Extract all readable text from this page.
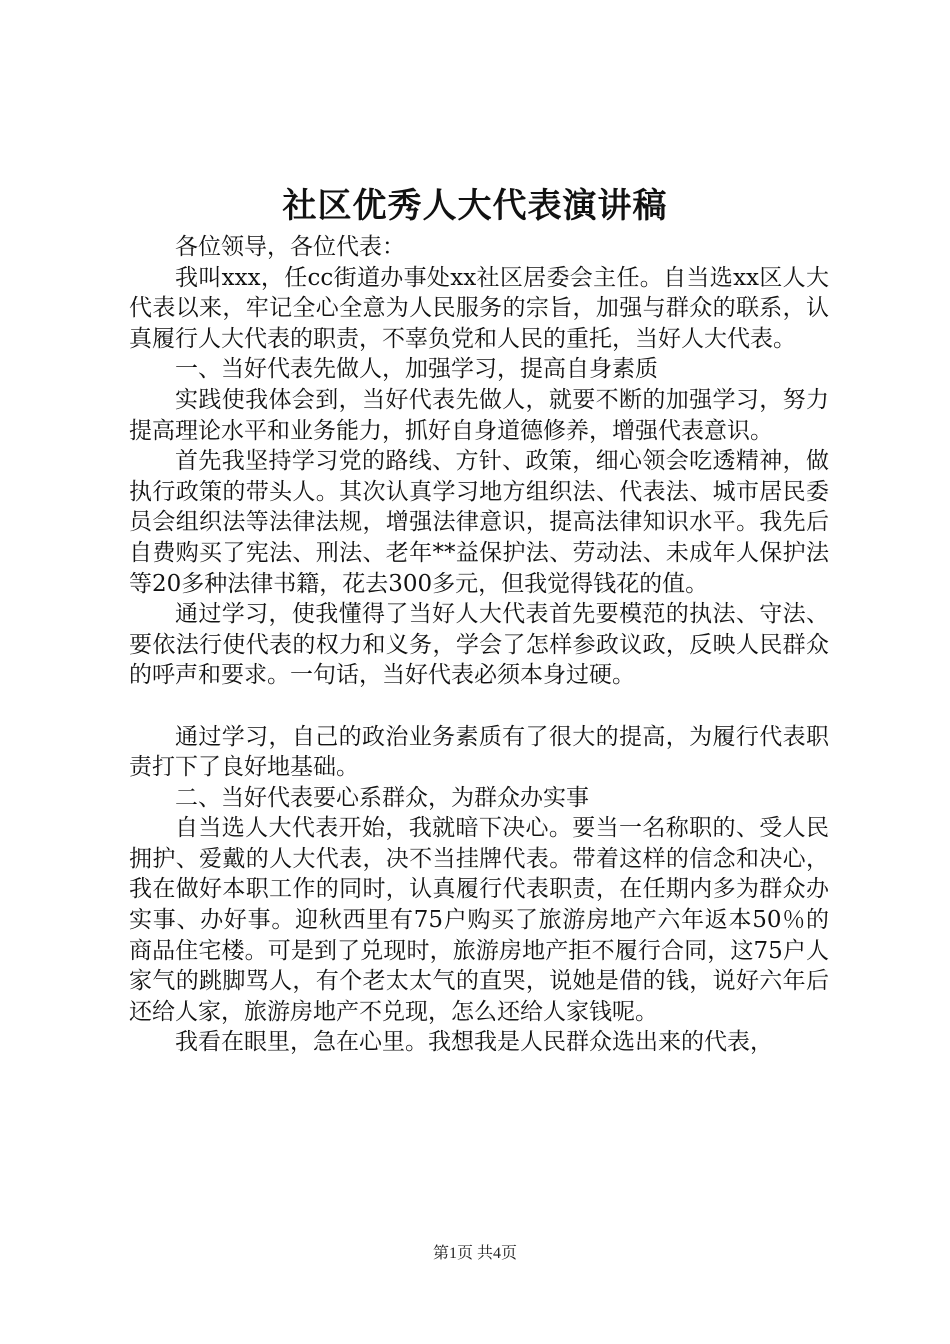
社区优秀人大代表演讲稿

各位领导，各位代表：

我叫xxx，任cc街道办事处xx社区居委会主任。自当选xx区人大代表以来，牢记全心全意为人民服务的宗旨，加强与群众的联系，认真履行人大代表的职责，不辜负党和人民的重托，当好人大代表。

一、当好代表先做人，加强学习，提高自身素质

实践使我体会到，当好代表先做人，就要不断的加强学习，努力提高理论水平和业务能力，抓好自身道德修养，增强代表意识。

首先我坚持学习党的路线、方针、政策，细心领会吃透精神，做执行政策的带头人。其次认真学习地方组织法、代表法、城市居民委员会组织法等法律法规，增强法律意识，提高法律知识水平。我先后自费购买了宪法、刑法、老年**益保护法、劳动法、未成年人保护法等20多种法律书籍，花去300多元，但我觉得钱花的值。

通过学习，使我懂得了当好人大代表首先要模范的执法、守法、要依法行使代表的权力和义务，学会了怎样参政议政，反映人民群众的呼声和要求。一句话，当好代表必须本身过硬。

通过学习，自己的政治业务素质有了很大的提高，为履行代表职责打下了良好地基础。

二、当好代表要心系群众，为群众办实事

自当选人大代表开始，我就暗下决心。要当一名称职的、受人民拥护、爱戴的人大代表，决不当挂牌代表。带着这样的信念和决心，我在做好本职工作的同时，认真履行代表职责，在任期内多为群众办实事、办好事。迎秋西里有75户购买了旅游房地产六年返本50％的商品住宅楼。可是到了兑现时，旅游房地产拒不履行合同，这75户人家气的跳脚骂人，有个老太太气的直哭，说她是借的钱，说好六年后还给人家，旅游房地产不兑现，怎么还给人家钱呢。

我看在眼里，急在心里。我想我是人民群众选出来的代表，

第1页 共4页
